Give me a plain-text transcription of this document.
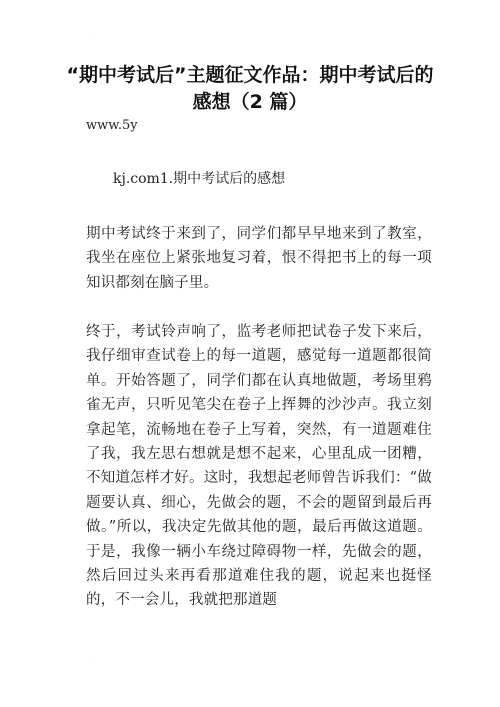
·
“期中考试后”主题征文作品：期中考试后的感想（2 篇）
www.5y
kj.com1.期中考试后的感想
期中考试终于来到了，同学们都早早地来到了教室，我坐在座位上紧张地复习着，恨不得把书上的每一项知识都刻在脑子里。
终于，考试铃声响了，监考老师把试卷子发下来后，我仔细审查试卷上的每一道题，感觉每一道题都很简单。开始答题了，同学们都在认真地做题，考场里鸦雀无声，只听见笔尖在卷子上挥舞的沙沙声。我立刻拿起笔，流畅地在卷子上写着，突然，有一道题难住了我，我左思右想就是想不起来，心里乱成一团糟，不知道怎样才好。这时，我想起老师曾告诉我们：“做题要认真、细心，先做会的题，不会的题留到最后再做。”所以，我决定先做其他的题，最后再做这道题。于是，我像一辆小车绕过障碍物一样，先做会的题，然后回过头来再看那道难住我的题，说起来也挺怪的，不一会儿，我就把那道题
·
